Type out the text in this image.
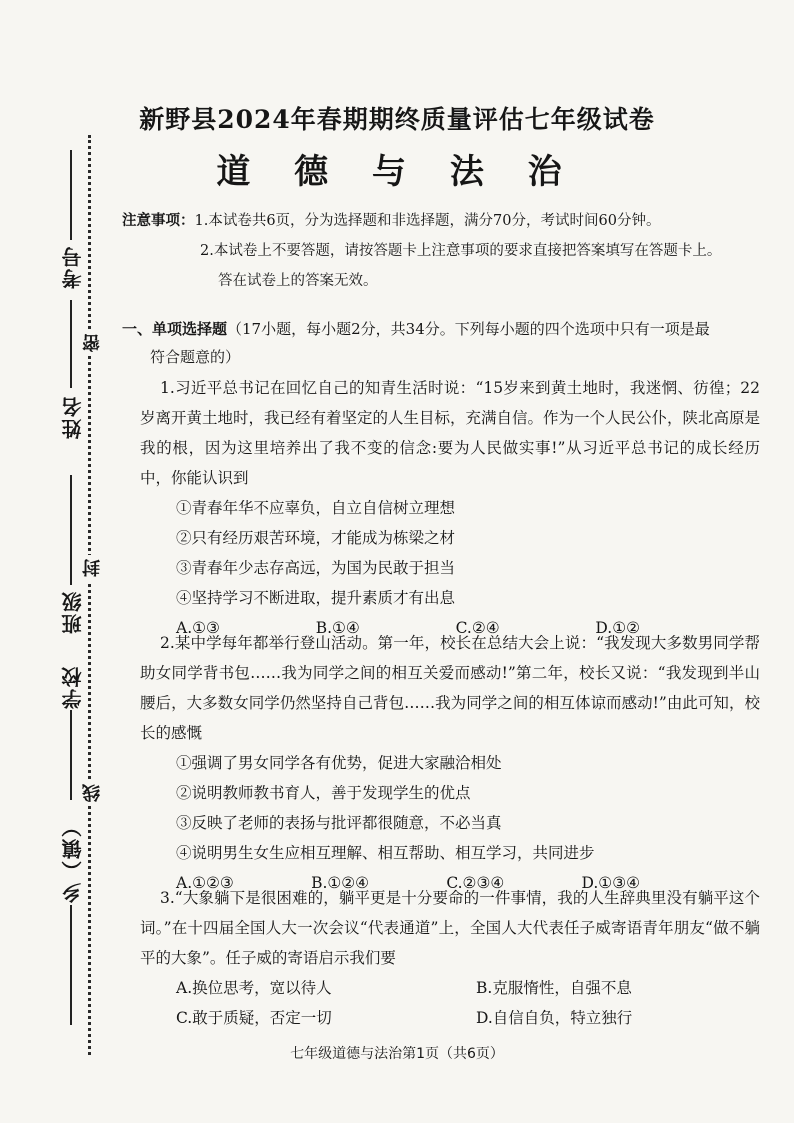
考号
密
姓名
封
班级
学校
线
乡（镇）
新野县2024年春期期终质量评估七年级试卷
道 德 与 法 治
注意事项：1.本试卷共6页，分为选择题和非选择题，满分70分，考试时间60分钟。
2.本试卷上不要答题，请按答题卡上注意事项的要求直接把答案填写在答题卡上。
答在试卷上的答案无效。
一、单项选择题（17小题，每小题2分，共34分。下列每小题的四个选项中只有一项是最
符合题意的）
1.习近平总书记在回忆自己的知青生活时说：“15岁来到黄土地时，我迷惘、彷徨；22岁离开黄土地时，我已经有着坚定的人生目标，充满自信。作为一个人民公仆，陕北高原是我的根，因为这里培养出了我不变的信念:要为人民做实事!”从习近平总书记的成长经历中，你能认识到
①青春年华不应辜负，自立自信树立理想
②只有经历艰苦环境，才能成为栋梁之材
③青春年少志存高远，为国为民敢于担当
④坚持学习不断进取，提升素质才有出息
A.①③	B.①④	C.②④	D.①②
2.某中学每年都举行登山活动。第一年，校长在总结大会上说：“我发现大多数男同学帮助女同学背书包……我为同学之间的相互关爱而感动!”第二年，校长又说：“我发现到半山腰后，大多数女同学仍然坚持自己背包……我为同学之间的相互体谅而感动!”由此可知，校长的感慨
①强调了男女同学各有优势，促进大家融洽相处
②说明教师教书育人，善于发现学生的优点
③反映了老师的表扬与批评都很随意，不必当真
④说明男生女生应相互理解、相互帮助、相互学习，共同进步
A.①②③	B.①②④	C.②③④	D.①③④
3.“大象躺下是很困难的，躺平更是十分要命的一件事情，我的人生辞典里没有躺平这个词。”在十四届全国人大一次会议“代表通道”上，全国人大代表任子威寄语青年朋友“做不躺平的大象”。任子威的寄语启示我们要
A.换位思考，宽以待人	B.克服惰性，自强不息
C.敢于质疑，否定一切	D.自信自负，特立独行
七年级道德与法治第1页（共6页）
